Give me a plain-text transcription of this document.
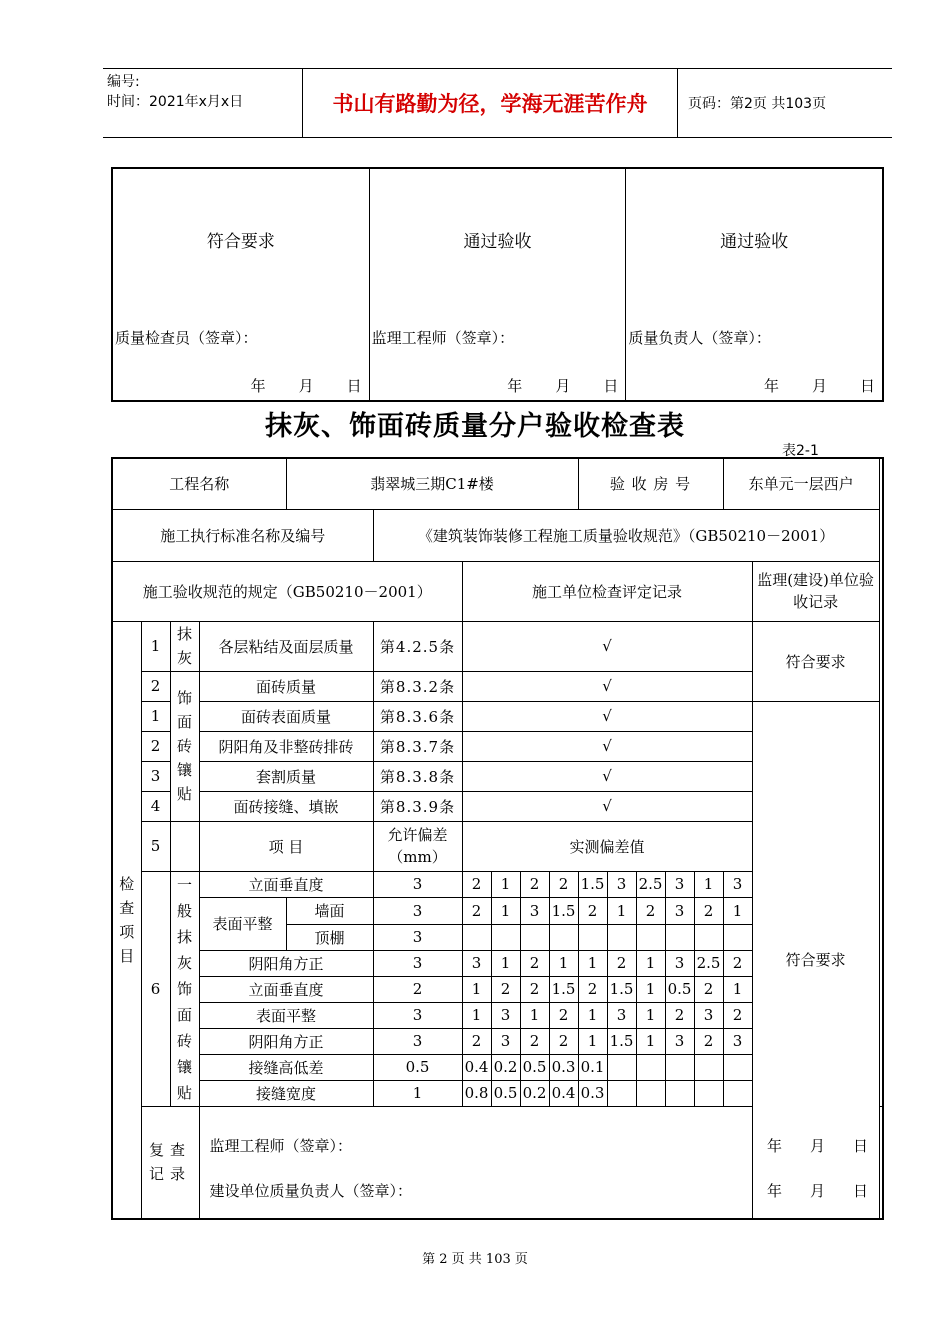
编号:
时间：2021年x月x日	书山有路勤为径，学海无涯苦作舟	页码：第2页 共103页
符合要求
质量检查员（签章）：
年 月 日
通过验收
监理工程师（签章）：
年 月 日
通过验收
质量负责人（签章）：
年 月 日
抹灰、饰面砖质量分户验收检查表
表2-1
工程名称				翡翠城三期C1#楼						验 收 房 号					东单元一层西户	
施工执行标准名称及编号					《建筑装饰装修工程施工质量验收规范》（GB50210－2001）											
施工验收规范的规定（GB50210－2001）						施工单位检查评定记录										监理(建设)单位验收记录
检查项目	1	抹灰	各层粘结及面层质量		第4.2.5条	√										符合要求
	2	饰面砖镶贴	面砖质量		第8.3.2条	√										
	1		面砖表面质量		第8.3.6条	√										符合要求
	2		阴阳角及非整砖排砖		第8.3.7条	√										
	3		套割质量		第8.3.8条	√										
	4		面砖接缝、填嵌		第8.3.9条	√										
	5		项 目		允许偏差（mm）	实测偏差值										
	6	一般抹灰饰面砖镶贴	立面垂直度		3	2	1	2	2	1.5	3	2.5	3	1	3	
			表面平整	墙面	3	2	1	3	1.5	2	1	2	3	2	1	
				顶棚	3											
			阴阳角方正		3	3	1	2	1	1	2	1	3	2.5	2	
			立面垂直度		2	1	2	2	1.5	2	1.5	1	0.5	2	1	
			表面平整		3	1	3	1	2	1	3	1	2	3	2	
			阴阳角方正		3	2	3	2	2	1	1.5	1	3	2	3	
			接缝高低差		0.5	0.4	0.2	0.5	0.3	0.1						
			接缝宽度		1	0.8	0.5	0.2	0.4	0.3						
	复查记录		监理工程师（签章）： 年 月 日
建设单位质量负责人（签章）： 年 月 日													
第 2 页 共 103 页
